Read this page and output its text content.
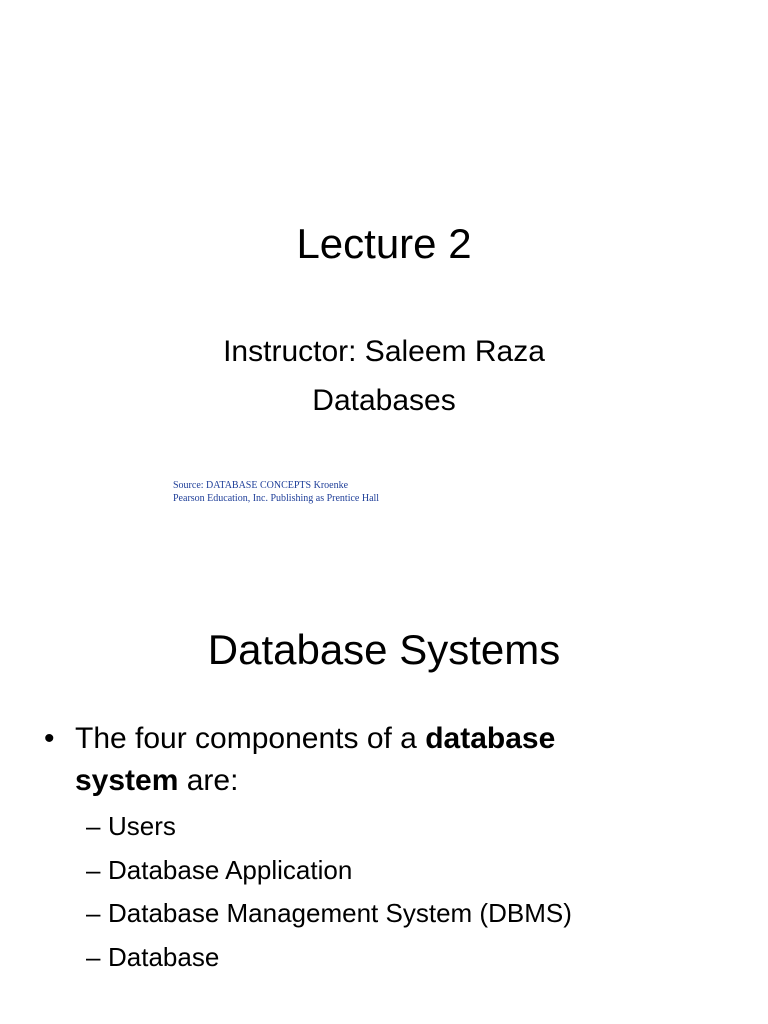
Lecture 2
Instructor: Saleem Raza
Databases
Source: DATABASE CONCEPTS Kroenke
Pearson Education, Inc. Publishing as Prentice Hall
Database Systems
• The four components of a database
system are:
– Users
– Database Application
– Database Management System (DBMS)
– Database
